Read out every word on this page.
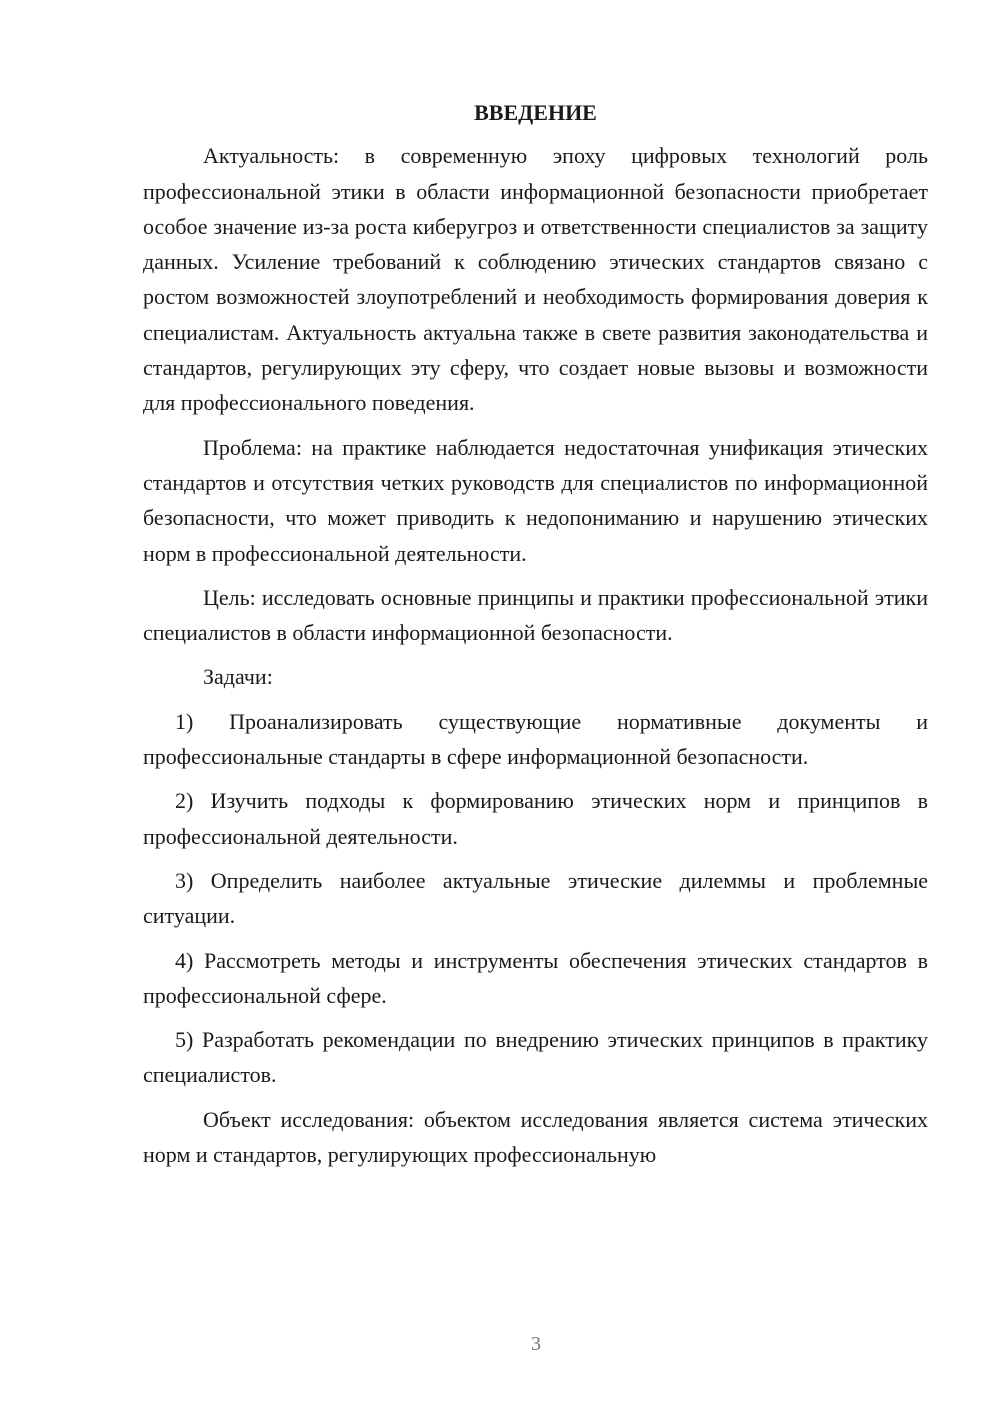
ВВЕДЕНИЕ

Актуальность: в современную эпоху цифровых технологий роль профессиональной этики в области информационной безопасности приобретает особое значение из-за роста киберугроз и ответственности специалистов за защиту данных. Усиление требований к соблюдению этических стандартов связано с ростом возможностей злоупотреблений и необходимость формирования доверия к специалистам. Актуальность актуальна также в свете развития законодательства и стандартов, регулирующих эту сферу, что создает новые вызовы и возможности для профессионального поведения.

Проблема: на практике наблюдается недостаточная унификация этических стандартов и отсутствия четких руководств для специалистов по информационной безопасности, что может приводить к недопониманию и нарушению этических норм в профессиональной деятельности.

Цель: исследовать основные принципы и практики профессиональной этики специалистов в области информационной безопасности.

Задачи:

1) Проанализировать существующие нормативные документы и профессиональные стандарты в сфере информационной безопасности.

2) Изучить подходы к формированию этических норм и принципов в профессиональной деятельности.

3) Определить наиболее актуальные этические дилеммы и проблемные ситуации.

4) Рассмотреть методы и инструменты обеспечения этических стандартов в профессиональной сфере.

5) Разработать рекомендации по внедрению этических принципов в практику специалистов.

Объект исследования: объектом исследования является система этических норм и стандартов, регулирующих профессиональную

3
